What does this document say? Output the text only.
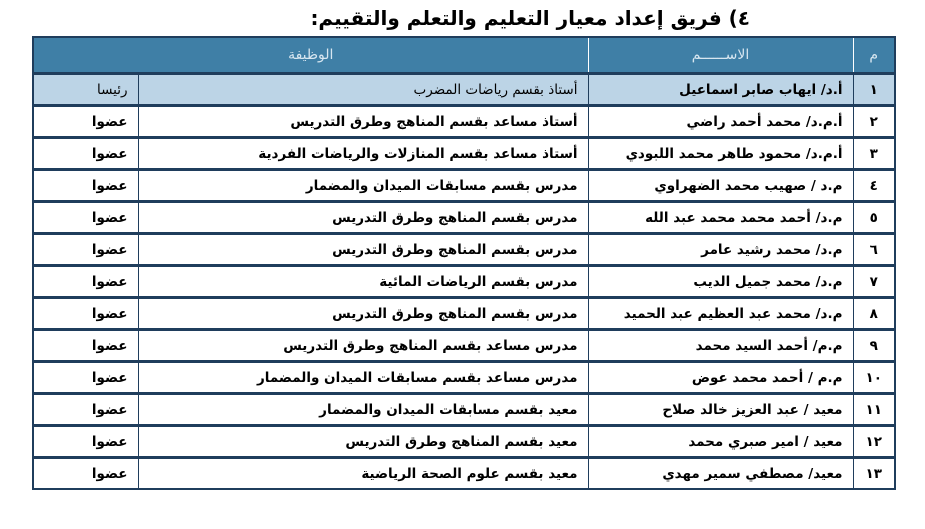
٤) فريق إعداد معيار التعليم والتعلم والتقييم:
م	الاســــــم	الوظيفة	
١	أ.د/ ايهاب صابر اسماعيل	أستاذ بقسم رياضات المضرب	رئيسا
٢	أ.م.د/ محمد أحمد راضي	أستاذ مساعد بقسم المناهج وطرق التدريس	عضوا
٣	أ.م.د/ محمود طاهر محمد اللبودي	أستاذ مساعد بقسم المنازلات والرياضات الفردية	عضوا
٤	م.د / صهيب محمد الضهراوي	مدرس بقسم مسابقات الميدان والمضمار	عضوا
٥	م.د/ أحمد محمد محمد عبد الله	مدرس بقسم المناهج وطرق التدريس	عضوا
٦	م.د/ محمد رشيد عامر	مدرس بقسم المناهج وطرق التدريس	عضوا
٧	م.د/ محمد جميل الديب	مدرس بقسم الرياضات المائية	عضوا
٨	م.د/ محمد عبد العظيم عبد الحميد	مدرس بقسم المناهج وطرق التدريس	عضوا
٩	م.م/ أحمد السيد محمد	مدرس مساعد بقسم المناهج وطرق التدريس	عضوا
١٠	م.م / أحمد محمد عوض	مدرس مساعد بقسم مسابقات الميدان والمضمار	عضوا
١١	معيد / عبد العزيز خالد صلاح	معيد بقسم مسابقات الميدان والمضمار	عضوا
١٢	معيد / امير صبري محمد	معيد بقسم المناهج وطرق التدريس	عضوا
١٣	معيد/ مصطفي سمير مهدي	معيد بقسم علوم الصحة الرياضية	عضوا
